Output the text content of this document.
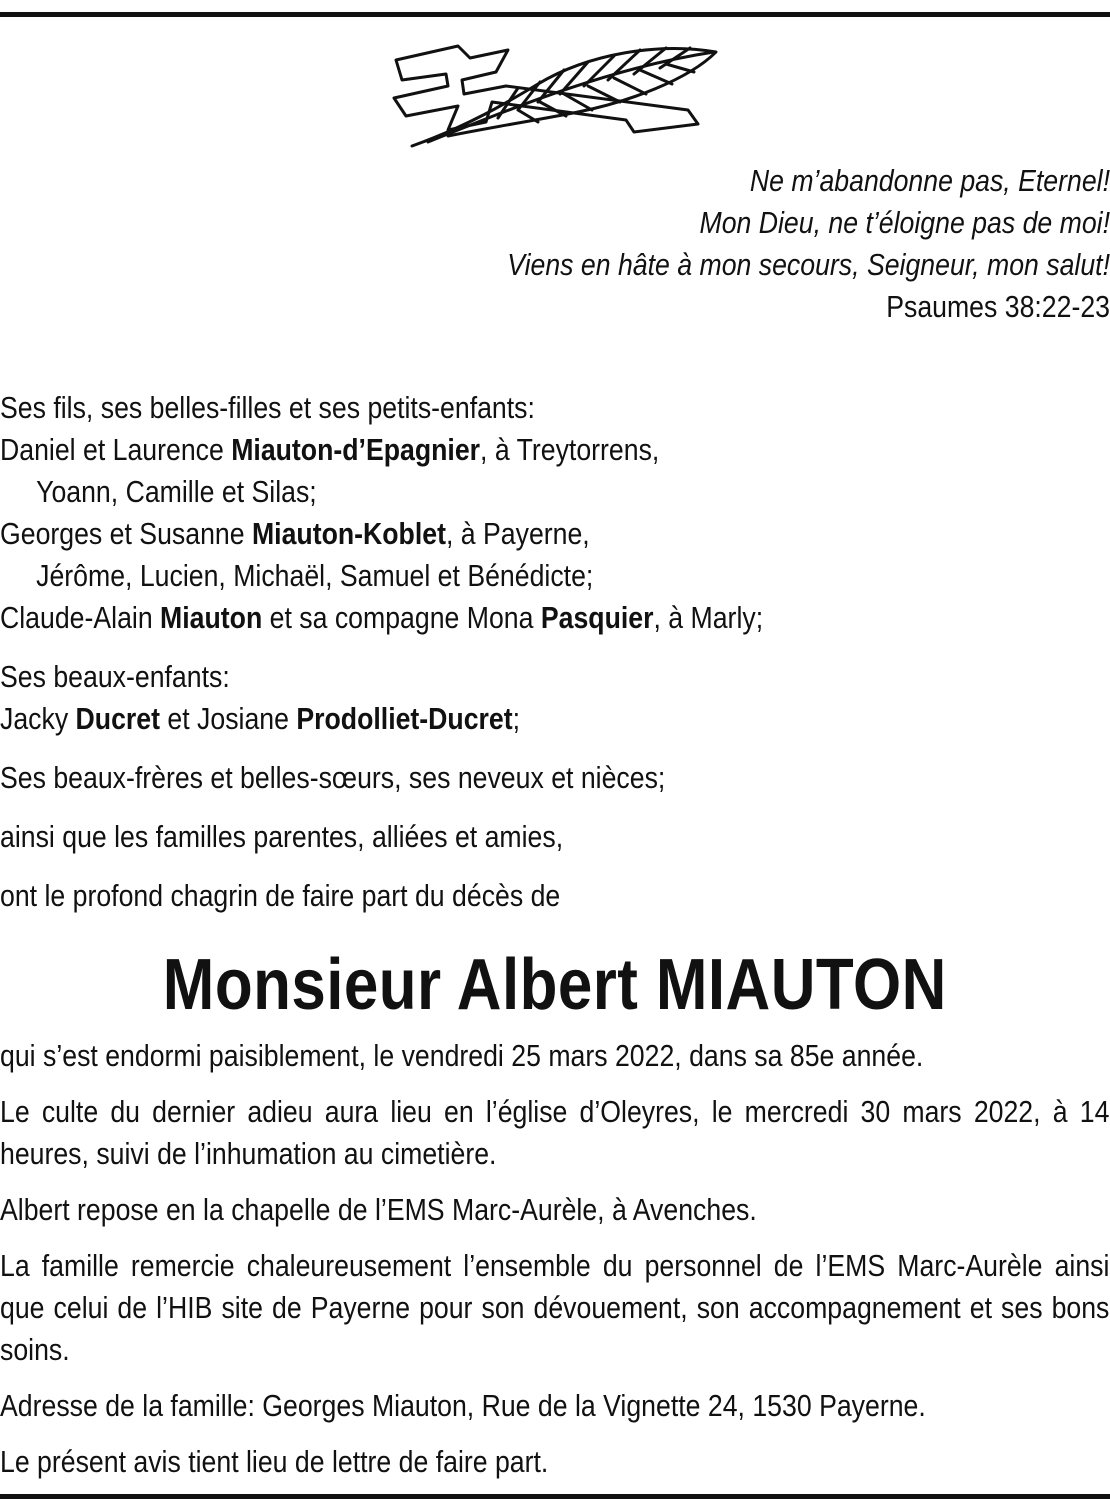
Ne m’abandonne pas, Eternel!
Mon Dieu, ne t’éloigne pas de moi!
Viens en hâte à mon secours, Seigneur, mon salut!
Psaumes 38:22-23
Ses fils, ses belles-filles et ses petits-enfants:
Daniel et Laurence Miauton-d’Epagnier, à Treytorrens,
Yoann, Camille et Silas;
Georges et Susanne Miauton-Koblet, à Payerne,
Jérôme, Lucien, Michaël, Samuel et Bénédicte;
Claude-Alain Miauton et sa compagne Mona Pasquier, à Marly;
Ses beaux-enfants:
Jacky Ducret et Josiane Prodolliet-Ducret;
Ses beaux-frères et belles-sœurs, ses neveux et nièces;
ainsi que les familles parentes, alliées et amies,
ont le profond chagrin de faire part du décès de
Monsieur Albert MIAUTON
qui s’est endormi paisiblement, le vendredi 25 mars 2022, dans sa 85e année.
Le culte du dernier adieu aura lieu en l’église d’Oleyres, le mercredi 30 mars 2022, à 14 heures, suivi de l’inhumation au cimetière.
Albert repose en la chapelle de l’EMS Marc-Aurèle, à Avenches.
La famille remercie chaleureusement l’ensemble du personnel de l’EMS Marc-Aurèle ainsi que celui de l’HIB site de Payerne pour son dévouement, son accompagnement et ses bons soins.
Adresse de la famille: Georges Miauton, Rue de la Vignette 24, 1530 Payerne.
Le présent avis tient lieu de lettre de faire part.
